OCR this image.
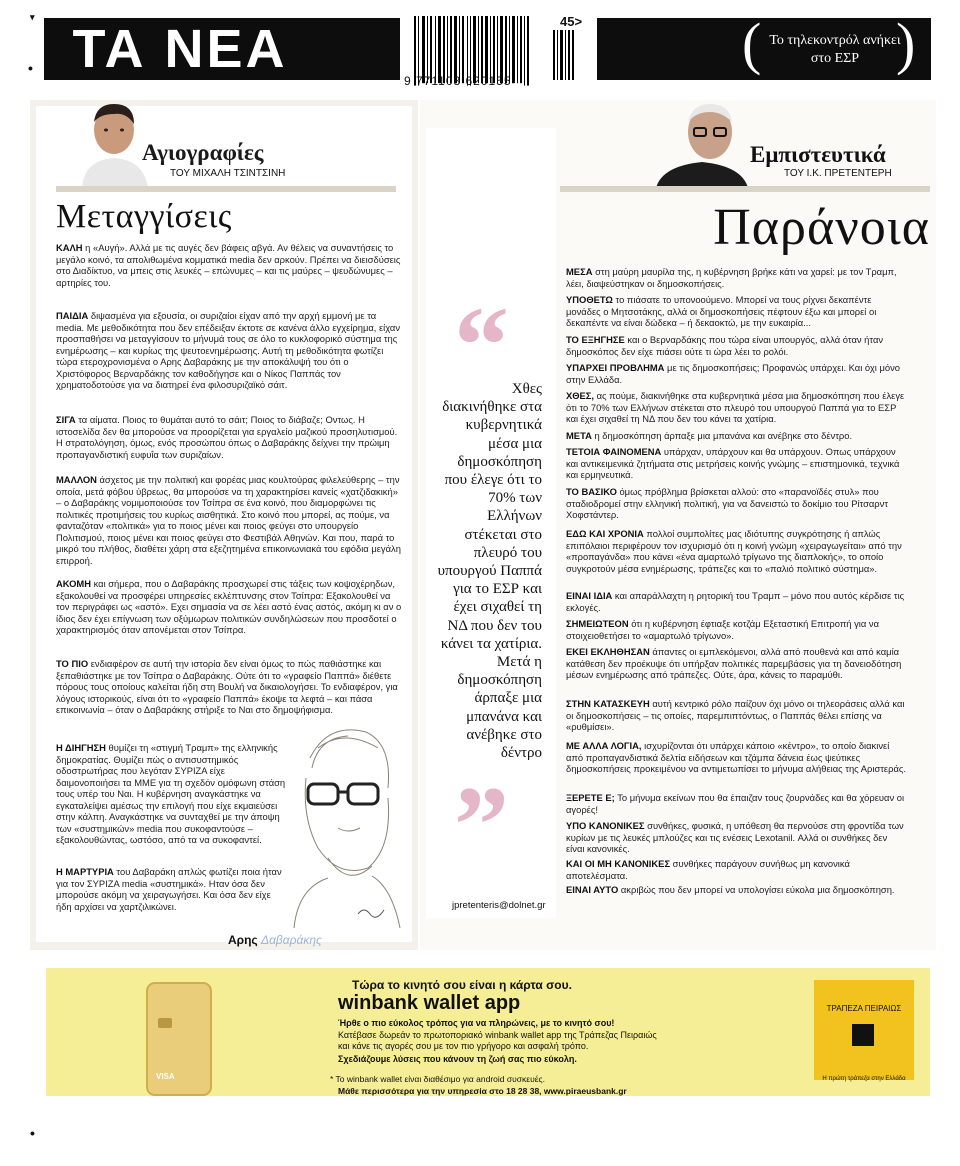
▾
•
•
ΤΑ ΝΕΑ
9 771108 620155
45>	( )
Το τηλεκοντρόλ ανήκει στο ΕΣΡ
Αγιογραφίες
ΤΟΥ ΜΙΧΑΛΗ ΤΣΙΝΤΣΙΝΗ
Μεταγγίσεις
ΚΑΛΗ η «Αυγή». Αλλά με τις αυγές δεν βάφεις αβγά. Αν θέλεις να συναντήσεις το μεγάλο κοινό, τα απολιθωμένα κομματικά media δεν αρκούν. Πρέπει να διεισδύσεις στο Διαδίκτυο, να μπεις στις λευκές – επώνυμες – και τις μαύρες – ψευδώνυμες – αρτηρίες του.
ΠΑΙΔΙΑ διψασμένα για εξουσία, οι συριζαίοι είχαν από την αρχή εμμονή με τα media. Με μεθοδικότητα που δεν επέδειξαν έκτοτε σε κανένα άλλο εγχείρημα, είχαν προσπαθήσει να μεταγγίσουν το μήνυμά τους σε όλο το κυκλοφορικό σύστημα της ενημέρωσης – και κυρίως της ψευτοενημέρωσης. Αυτή τη μεθοδικότητα φωτίζει τώρα ετεροχρονισμένα ο Αρης Δαβαράκης με την αποκάλυψή του ότι ο Χριστόφορος Βερναρδάκης τον καθοδήγησε και ο Νίκος Παππάς τον χρηματοδοτούσε για να διατηρεί ένα φιλοσυριζαϊκό σάιτ.
ΣΙΓΑ τα αίματα. Ποιος το θυμάται αυτό το σάιτ; Ποιος το διάβαζε; Οντως. Η ιστοσελίδα δεν θα μπορούσε να προορίζεται για εργαλείο μαζικού προσηλυτισμού. Η στρατολόγηση, όμως, ενός προσώπου όπως ο Δαβαράκης δείχνει την πρώιμη προπαγανδιστική ευφυΐα των συριζαίων.
ΜΑΛΛΟΝ άσχετος με την πολιτική και φορέας μιας κουλτούρας φιλελεύθερης – την οποία, μετά φόβου ύβρεως, θα μπορούσε να τη χαρακτηρίσει κανείς «χατζιδακική» – ο Δαβαράκης νομιμοποιούσε τον Τσίπρα σε ένα κοινό, που διαμορφώνει τις πολιτικές προτιμήσεις του κυρίως αισθητικά. Στο κοινό που μπορεί, ας πούμε, να φανταζόταν «πολιτικά» για το ποιος μένει και ποιος φεύγει στο υπουργείο Πολιτισμού, ποιος μένει και ποιος φεύγει στο Φεστιβάλ Αθηνών. Και που, παρά το μικρό του πλήθος, διαθέτει χάρη στα εξεζητημένα επικοινωνιακά του εφόδια μεγάλη επιρροή.
ΑΚΟΜΗ και σήμερα, που ο Δαβαράκης προσχωρεί στις τάξεις των κοψοχέρηδων, εξακολουθεί να προσφέρει υπηρεσίες εκλέπτυνσης στον Τσίπρα: Εξακολουθεί να τον περιγράφει ως «αστό». Εχει σημασία να σε λέει αστό ένας αστός, ακόμη κι αν ο ίδιος δεν έχει επίγνωση των οξύμωρων πολιτικών συνδηλώσεων που προσδοτεί ο χαρακτηρισμός όταν απονέμεται στον Τσίπρα.
ΤΟ ΠΙΟ ενδιαφέρον σε αυτή την ιστορία δεν είναι όμως το πώς παθιάστηκε και ξεπαθιάστηκε με τον Τσίπρα ο Δαβαράκης. Ούτε ότι το «γραφείο Παππά» διέθετε πόρους τους οποίους καλείται ήδη στη Βουλή να δικαιολογήσει. Το ενδιαφέρον, για λόγους ιστορικούς, είναι ότι το «γραφείο Παππά» έκοψε τα λεφτά – και πάσα επικοινωνία – όταν ο Δαβαράκης στήριξε το Ναι στο δημοψήφισμα.
Η ΔΙΗΓΗΣΗ θυμίζει τη «στιγμή Τραμπ» της ελληνικής δημοκρατίας. Θυμίζει πώς ο αντισυστημικός οδοστρωτήρας που λεγόταν ΣΥΡΙΖΑ είχε δαιμονοποιήσει τα ΜΜΕ για τη σχεδόν ομόφωνη στάση τους υπέρ του Ναι. Η κυβέρνηση αναγκάστηκε να εγκαταλείψει αμέσως την επιλογή που είχε εκμαιεύσει στην κάλπη. Αναγκάστηκε να συνταχθεί με την άποψη των «συστημικών» media που συκοφαντούσε – εξακολουθώντας, ωστόσο, από τα να συκοφαντεί.
Η ΜΑΡΤΥΡΙΑ του Δαβαράκη απλώς φωτίζει ποια ήταν για τον ΣΥΡΙΖΑ media «συστημικά». Ηταν όσα δεν μπορούσε ακόμη να χειραγωγήσει. Και όσα δεν είχε ήδη αρχίσει να χαρτζιλικώνει.
Αρης Δαβαράκης
Εμπιστευτικά
ΤΟΥ Ι.Κ. ΠΡΕΤΕΝΤΕΡΗ
Παράνοια
“ Χθες διακινήθηκε στα κυβερνητικά μέσα μια δημοσκόπηση που έλεγε ότι το 70% των Ελλήνων στέκεται στο πλευρό του υπουργού Παππά για το ΕΣΡ και έχει σιχαθεί τη ΝΔ που δεν του κάνει τα χατίρια. Μετά η δημοσκόπηση άρπαξε μια μπανάνα και ανέβηκε στο δέντρο
”
jpretenteris@dolnet.gr
ΜΕΣΑ στη μαύρη μαυρίλα της, η κυβέρνηση βρήκε κάτι να χαρεί: με τον Τραμπ, λέει, διαψεύστηκαν οι δημοσκοπήσεις.
ΥΠΟΘΕΤΩ το πιάσατε το υπονοούμενο. Μπορεί να τους ρίχνει δεκαπέντε μονάδες ο Μητσοτάκης, αλλά οι δημοσκοπήσεις πέφτουν έξω και μπορεί οι δεκαπέντε να είναι δώδεκα – ή δεκαοκτώ, με την ευκαιρία...
ΤΟ ΕΞΗΓΗΣΕ και ο Βερναρδάκης που τώρα είναι υπουργός, αλλά όταν ήταν δημοσκόπος δεν είχε πιάσει ούτε τι ώρα λέει το ρολόι.
ΥΠΑΡΧΕΙ ΠΡΟΒΛΗΜΑ με τις δημοσκοπήσεις; Προφανώς υπάρχει. Και όχι μόνο στην Ελλάδα.
ΧΘΕΣ, ας πούμε, διακινήθηκε στα κυβερνητικά μέσα μια δημοσκόπηση που έλεγε ότι το 70% των Ελλήνων στέκεται στο πλευρό του υπουργού Παππά για το ΕΣΡ και έχει σιχαθεί τη ΝΔ που δεν του κάνει τα χατίρια.
ΜΕΤΑ η δημοσκόπηση άρπαξε μια μπανάνα και ανέβηκε στο δέντρο.
ΤΕΤΟΙΑ ΦΑΙΝΟΜΕΝΑ υπάρχαν, υπάρχουν και θα υπάρχουν. Οπως υπάρχουν και αντικειμενικά ζητήματα στις μετρήσεις κοινής γνώμης – επιστημονικά, τεχνικά και ερμηνευτικά.
ΤΟ ΒΑΣΙΚΟ όμως πρόβλημα βρίσκεται αλλού: στο «παρανοϊδές στυλ» που σταδιοδρομεί στην ελληνική πολιτική, για να δανειστώ το δοκίμιο του Ρίτσαρντ Χοφστάντερ.
ΕΔΩ ΚΑΙ ΧΡΟΝΙΑ πολλοί συμπολίτες μας ιδιότυπης συγκρότησης ή απλώς επιπόλαιοι περιφέρουν τον ισχυρισμό ότι η κοινή γνώμη «χειραγωγείται» από την «προπαγάνδα» που κάνει «ένα αμαρτωλό τρίγωνο της διαπλοκής», το οποίο συγκροτούν μέσα ενημέρωσης, τράπεζες και το «παλιό πολιτικό σύστημα».
ΕΙΝΑΙ ΙΔΙΑ και απαράλλαχτη η ρητορική του Τραμπ – μόνο που αυτός κέρδισε τις εκλογές.
ΣΗΜΕΙΩΤΕΟΝ ότι η κυβέρνηση έφτιαξε κοτζάμ Εξεταστική Επιτροπή για να στοιχειοθετήσει το «αμαρτωλό τρίγωνο».
ΕΚΕΙ ΕΚΛΗΘΗΣΑΝ άπαντες οι εμπλεκόμενοι, αλλά από πουθενά και από καμία κατάθεση δεν προέκυψε ότι υπήρξαν πολιτικές παρεμβάσεις για τη δανειοδότηση μέσων ενημέρωσης από τράπεζες. Ούτε, άρα, κάνεις το παραμύθι.
ΣΤΗΝ ΚΑΤΑΣΚΕΥΗ αυτή κεντρικό ρόλο παίζουν όχι μόνο οι τηλεοράσεις αλλά και οι δημοσκοπήσεις – τις οποίες, παρεμπιπτόντως, ο Παππάς θέλει επίσης να «ρυθμίσει».
ΜΕ ΑΛΛΑ ΛΟΓΙΑ, ισχυρίζονται ότι υπάρχει κάποιο «κέντρο», το οποίο διακινεί από προπαγανδιστικά δελτία ειδήσεων και τζάμπα δάνεια έως ψεύτικες δημοσκοπήσεις προκειμένου να αντιμετωπίσει το μήνυμα αλήθειας της Αριστεράς.
ΞΕΡΕΤΕ Ε; Το μήνυμα εκείνων που θα έπαιζαν τους ζουρνάδες και θα χόρευαν οι αγορές!
ΥΠΟ ΚΑΝΟΝΙΚΕΣ συνθήκες, φυσικά, η υπόθεση θα περνούσε στη φροντίδα των κυρίων με τις λευκές μπλούζες και τις ενέσεις Lexotanil. Αλλά οι συνθήκες δεν είναι κανονικές.
ΚΑΙ ΟΙ ΜΗ ΚΑΝΟΝΙΚΕΣ συνθήκες παράγουν συνήθως μη κανονικά αποτελέσματα.
ΕΙΝΑΙ ΑΥΤΟ ακριβώς που δεν μπορεί να υπολογίσει εύκολα μια δημοσκόπηση.
VISA
Τώρα το κινητό σου είναι η κάρτα σου.
winbank wallet app
Ήρθε ο πιο εύκολος τρόπος για να πληρώνεις, με το κινητό σου!
Κατέβασε δωρεάν το πρωτοποριακό winbank wallet app της Τράπεζας Πειραιώς
και κάνε τις αγορές σου με τον πιο γρήγορο και ασφαλή τρόπο.
Σχεδιάζουμε λύσεις που κάνουν τη ζωή σας πιο εύκολη.
* To winbank wallet είναι διαθέσιμο για android συσκευές.
Μάθε περισσότερα για την υπηρεσία στο 18 28 38, www.piraeusbank.gr
ΤΡΑΠΕΖΑ ΠΕΙΡΑΙΩΣ
Η πρώτη τράπεζα στην Ελλάδα
